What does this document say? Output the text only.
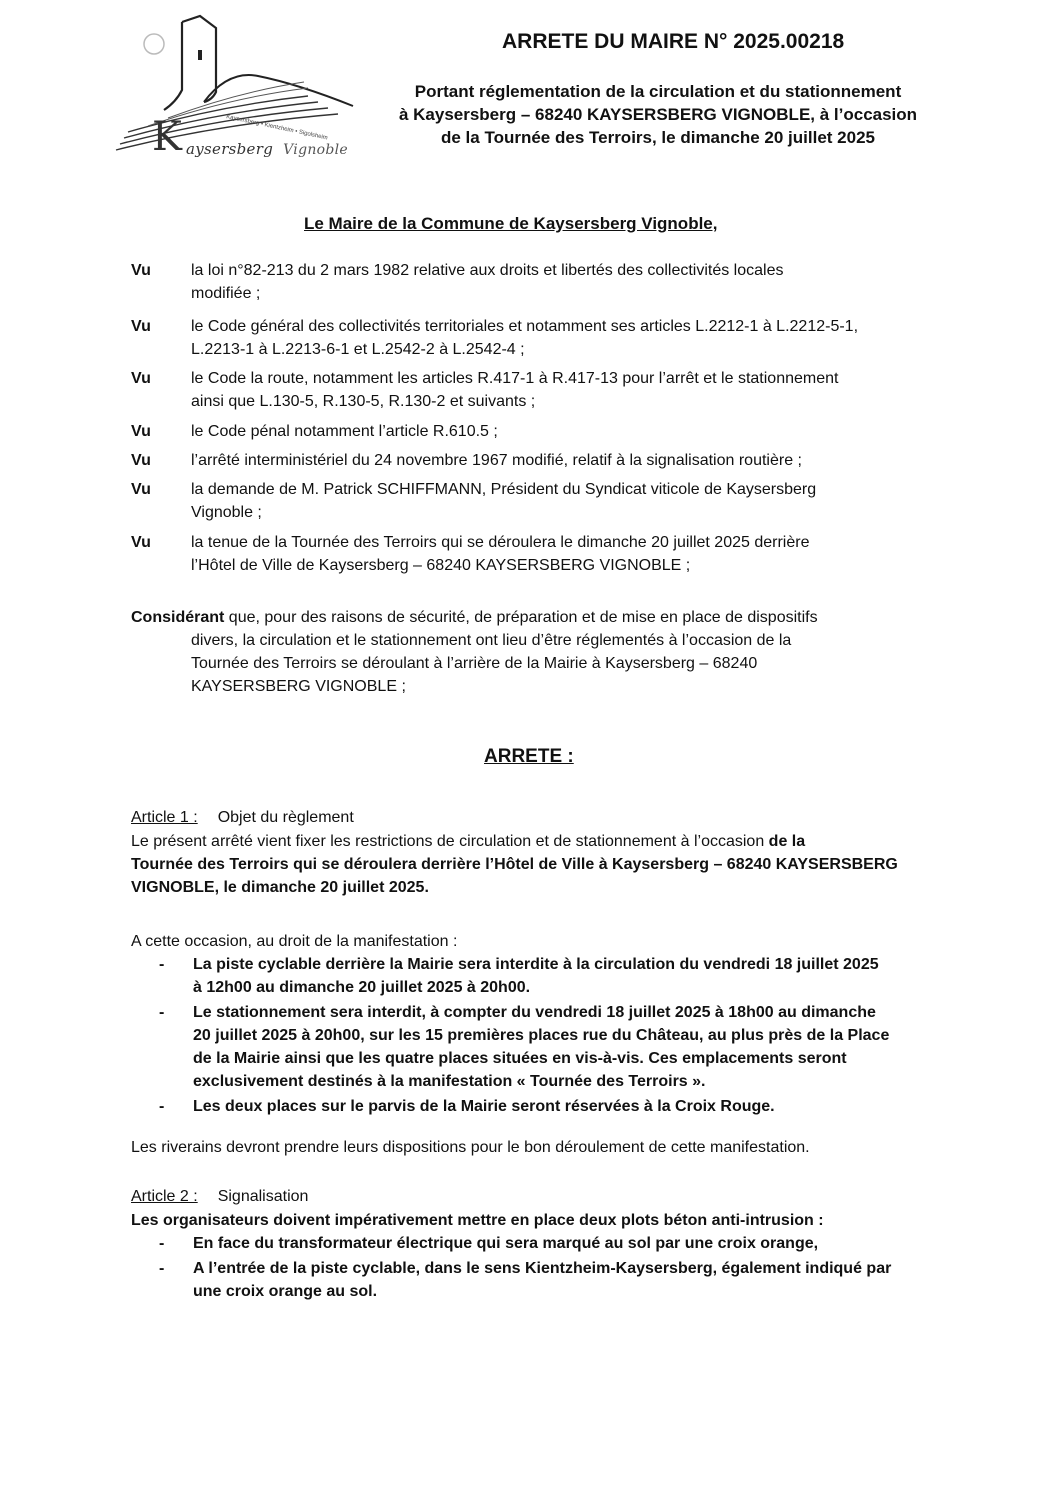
Kaysersberg • Kientzheim • Sigolsheim
K aysersberg Vignoble
ARRETE DU MAIRE N° 2025.00218
Portant réglementation de la circulation et du stationnement
à Kaysersberg – 68240 KAYSERSBERG VIGNOBLE, à l’occasion
de la Tournée des Terroirs, le dimanche 20 juillet 2025
Le Maire de la Commune de Kaysersberg Vignoble,
Vu	la loi n°82-213 du 2 mars 1982 relative aux droits et libertés des collectivités locales
modifiée ;
Vu	le Code général des collectivités territoriales et notamment ses articles L.2212-1 à L.2212-5-1,
L.2213-1 à L.2213-6-1 et L.2542-2 à L.2542-4 ;
Vu	le Code la route, notamment les articles R.417-1 à R.417-13 pour l’arrêt et le stationnement
ainsi que L.130-5, R.130-5, R.130-2 et suivants ;
Vu	le Code pénal notamment l’article R.610.5 ;
Vu	l’arrêté interministériel du 24 novembre 1967 modifié, relatif à la signalisation routière ;
Vu	la demande de M. Patrick SCHIFFMANN, Président du Syndicat viticole de Kaysersberg
Vignoble ;
Vu	la tenue de la Tournée des Terroirs qui se déroulera le dimanche 20 juillet 2025 derrière
l’Hôtel de Ville de Kaysersberg – 68240 KAYSERSBERG VIGNOBLE ;
Considérant que, pour des raisons de sécurité, de préparation et de mise en place de dispositifs
divers, la circulation et le stationnement ont lieu d’être réglementés à l’occasion de la
Tournée des Terroirs se déroulant à l’arrière de la Mairie à Kaysersberg – 68240
KAYSERSBERG VIGNOBLE ;
ARRETE :
Article 1 : Objet du règlement
Le présent arrêté vient fixer les restrictions de circulation et de stationnement à l’occasion de la
Tournée des Terroirs qui se déroulera derrière l’Hôtel de Ville à Kaysersberg – 68240 KAYSERSBERG
VIGNOBLE, le dimanche 20 juillet 2025.
A cette occasion, au droit de la manifestation :
- La piste cyclable derrière la Mairie sera interdite à la circulation du vendredi 18 juillet 2025
à 12h00 au dimanche 20 juillet 2025 à 20h00.
- Le stationnement sera interdit, à compter du vendredi 18 juillet 2025 à 18h00 au dimanche
20 juillet 2025 à 20h00, sur les 15 premières places rue du Château, au plus près de la Place
de la Mairie ainsi que les quatre places situées en vis-à-vis. Ces emplacements seront
exclusivement destinés à la manifestation « Tournée des Terroirs ».
- Les deux places sur le parvis de la Mairie seront réservées à la Croix Rouge.
Les riverains devront prendre leurs dispositions pour le bon déroulement de cette manifestation.
Article 2 : Signalisation
Les organisateurs doivent impérativement mettre en place deux plots béton anti-intrusion :
- En face du transformateur électrique qui sera marqué au sol par une croix orange,
- A l’entrée de la piste cyclable, dans le sens Kientzheim-Kaysersberg, également indiqué par
une croix orange au sol.
